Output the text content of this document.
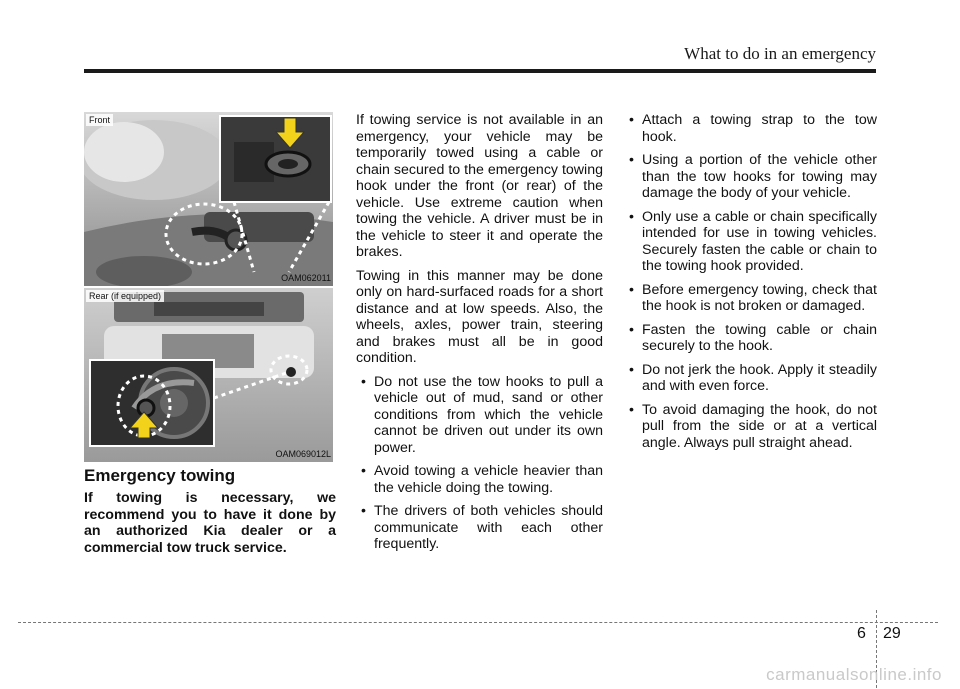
What to do in an emergency
Front
OAM062011
Rear (if equipped)
OAM069012L
Emergency towing

If towing is necessary, we recommend you to have it done by an authorized Kia dealer or a commercial tow truck service.

If towing service is not available in an emergency, your vehicle may be temporarily towed using a cable or chain secured to the emergency towing hook under the front (or rear) of the vehicle. Use extreme caution when towing the vehicle. A driver must be in the vehicle to steer it and operate the brakes.

Towing in this manner may be done only on hard-surfaced roads for a short distance and at low speeds. Also, the wheels, axles, power train, steering and brakes must all be in good condition.

• Do not use the tow hooks to pull a vehicle out of mud, sand or other conditions from which the vehicle cannot be driven out under its own power.
• Avoid towing a vehicle heavier than the vehicle doing the towing.
• The drivers of both vehicles should communicate with each other frequently.
• Attach a towing strap to the tow hook.
• Using a portion of the vehicle other than the tow hooks for towing may damage the body of your vehicle.
• Only use a cable or chain specifically intended for use in towing vehicles. Securely fasten the cable or chain to the towing hook provided.
• Before emergency towing, check that the hook is not broken or damaged.
• Fasten the towing cable or chain securely to the hook.
• Do not jerk the hook. Apply it steadily and with even force.
• To avoid damaging the hook, do not pull from the side or at a vertical angle. Always pull straight ahead.
6 29
carmanualsonline.info
